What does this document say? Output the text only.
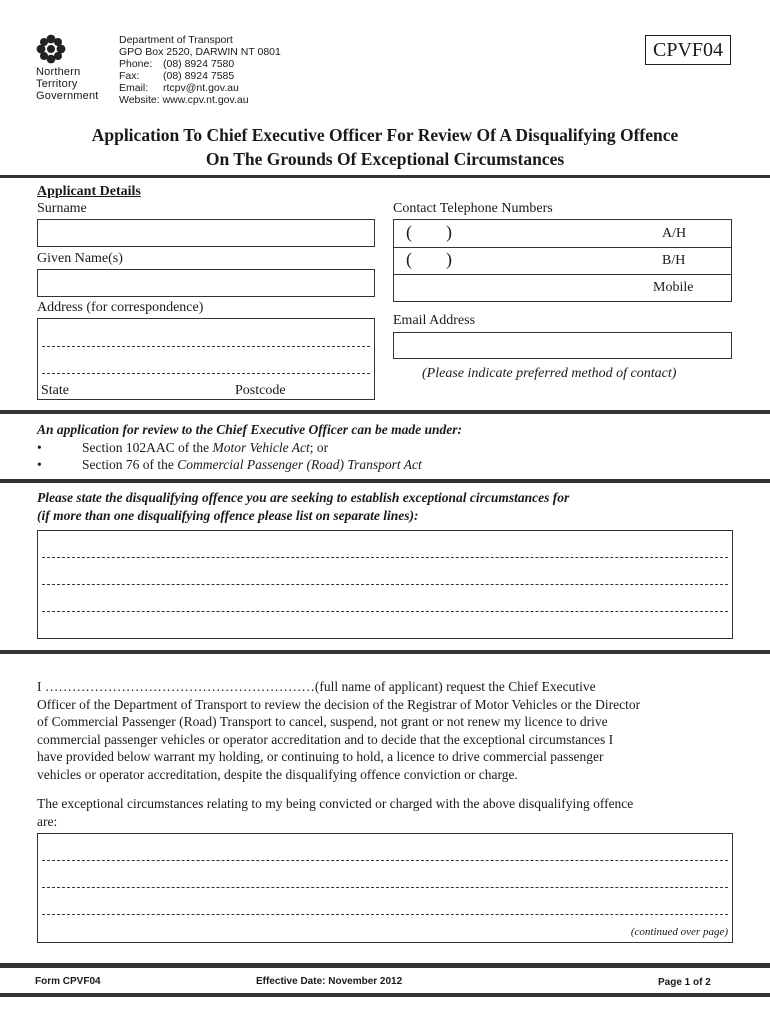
Northern
Territory
Government
Department of Transport
GPO Box 2520, DARWIN NT 0801
Phone: (08) 8924 7580
Fax: (08) 8924 7585
Email: rtcpv@nt.gov.au
Website: www.cpv.nt.gov.au
CPVF04
Application To Chief Executive Officer For Review Of A Disqualifying Offence
On The Grounds Of Exceptional Circumstances
Applicant Details
Surname
Given Name(s)
Address (for correspondence)
State	Postcode
Contact Telephone Numbers
( )	A/H
( )	B/H
Mobile
Email Address
(Please indicate preferred method of contact)
An application for review to the Chief Executive Officer can be made under:
•	Section 102AAC of the Motor Vehicle Act; or
•	Section 76 of the Commercial Passenger (Road) Transport Act
Please state the disqualifying offence you are seeking to establish exceptional circumstances for
(if more than one disqualifying offence please list on separate lines):
I ……………………………………………………(full name of applicant) request the Chief Executive
Officer of the Department of Transport to review the decision of the Registrar of Motor Vehicles or the Director
of Commercial Passenger (Road) Transport to cancel, suspend, not grant or not renew my licence to drive
commercial passenger vehicles or operator accreditation and to decide that the exceptional circumstances I
have provided below warrant my holding, or continuing to hold, a licence to drive commercial passenger
vehicles or operator accreditation, despite the disqualifying offence conviction or charge.
The exceptional circumstances relating to my being convicted or charged with the above disqualifying offence
are:
(continued over page)
Form CPVF04	Effective Date: November 2012	Page 1 of 2
